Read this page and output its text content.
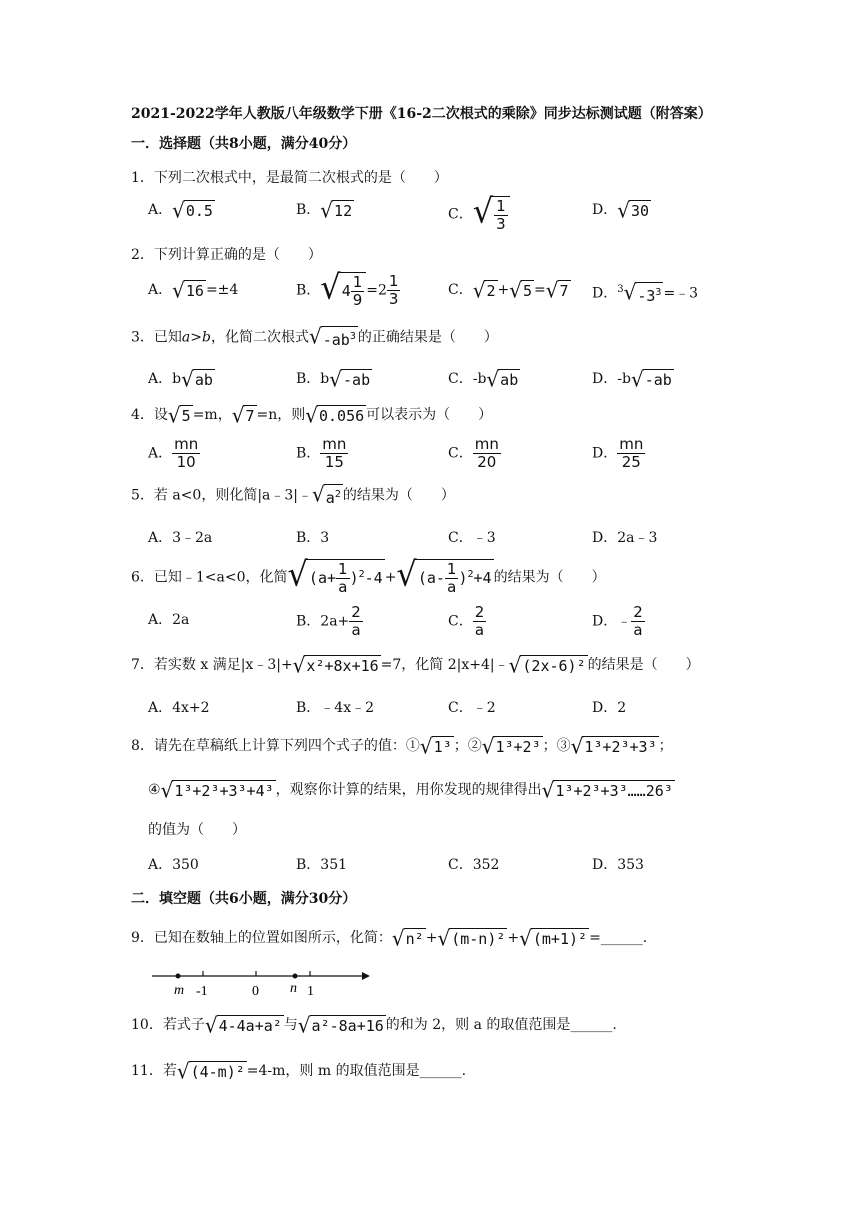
2021-2022学年人教版八年级数学下册《16-2二次根式的乘除》同步达标测试题（附答案）
一．选择题（共8小题，满分40分）
1．下列二次根式中，是最简二次根式的是（　　）
A． √ 0.5	B． √ 12	C． √ $\frac{1}{3}$	D． √ 30
2．下列计算正确的是（　　）
A． √ 16 =±4	B． √ $4 \frac{1}{9} =2 \frac{1}{3}$	C． √ 2 + √ 5 = √ 7 D．$^3$ √ $-3^3$ =﹣3
3．已知a>b，化简二次根式 √ $-ab^3$ 的正确结果是（　　）
A．b √ ab	B．b √ -ab	C．-b √ ab	D．-b √ -ab
4．设 √ 5 =m， √ 7 =n，则 √ 0.056 可以表示为（　　）
A． $\frac{mn}{10}$	B． $\frac{mn}{15}$	C． $\frac{mn}{20}$	D． $\frac{mn}{25}$
5．若 a<0，则化简|a﹣3|﹣ √ $a^2$ 的结果为（　　）
A．3﹣2a	B．3	C．﹣3	D．2a﹣3
6．已知﹣1<a<0，化简 √ $(a+ \frac{1}{a} )^2-4$ + √ $(a- \frac{1}{a} )^2+4$ 的结果为（　　）
A．2a	B．$2a+ \frac{2}{a}$	C． $\frac{2}{a}$	D．﹣ $\frac{2}{a}$
7．若实数 x 满足|x﹣3|+ √ x²+8x+16 =7，化简 2|x+4|﹣ √ (2x-6)² 的结果是（　　）
A．4x+2	B．﹣4x﹣2	C．﹣2	D．2
8．请先在草稿纸上计算下列四个式子的值：① √ 1³ ；② √ 1³+2³ ；③ √ 1³+2³+3³ ；
④ √ 1³+2³+3³+4³ ，观察你计算的结果，用你发现的规律得出 √ 1³+2³+3³……26³
的值为（　　）
A．350	B．351	C．352	D．353
二．填空题（共6小题，满分30分）
9．已知在数轴上的位置如图所示，化简： √ n² + √ (m-n)² + √ (m+1)² =______.
m -1	0 n 1
10．若式子 √ 4-4a+a² 与 √ a²-8a+16 的和为 2，则 a 的取值范围是______.
11．若 √ (4-m)² =4-m，则 m 的取值范围是______.
